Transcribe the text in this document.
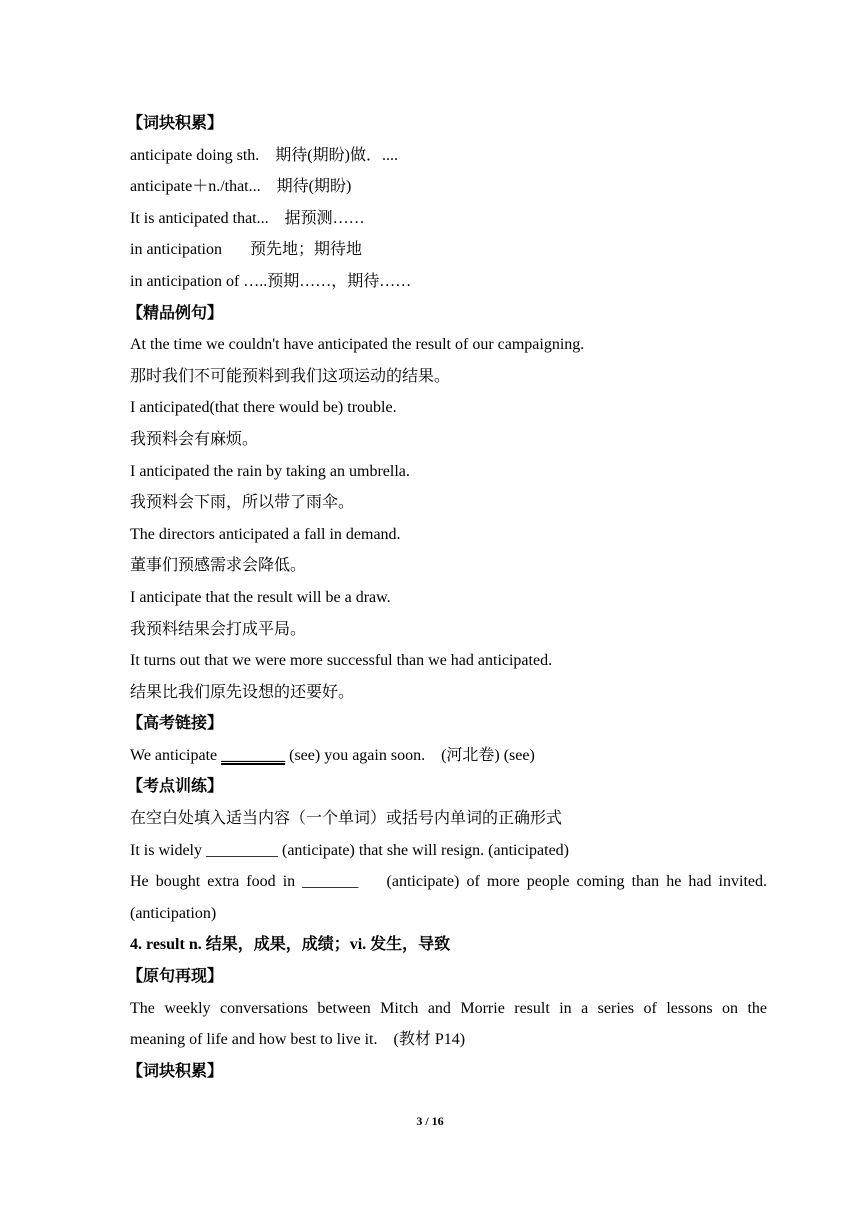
【词块积累】
anticipate doing sth.    期待(期盼)做．....
anticipate＋n./that...    期待(期盼)
It is anticipated that...    据预测……
in anticipation       预先地；期待地
in anticipation of …..预期……，期待……
【精品例句】
At the time we couldn't have anticipated the result of our campaigning.
那时我们不可能预料到我们这项运动的结果。
I anticipated(that there would be) trouble.
我预料会有麻烦。
I anticipated the rain by taking an umbrella.
我预料会下雨，所以带了雨伞。
The directors anticipated a fall in demand.
董事们预感需求会降低。
I anticipate that the result will be a draw.
我预料结果会打成平局。
It turns out that we were more successful than we had anticipated.
结果比我们原先设想的还要好。
【高考链接】
We anticipate ________ (see) you again soon.    (河北卷) (see)
【考点训练】
在空白处填入适当内容（一个单词）或括号内单词的正确形式
It is widely _________ (anticipate) that she will resign. (anticipated)
He bought extra food in _______    (anticipate) of more people coming than he had invited.
(anticipation)
4. result n. 结果，成果，成绩；vi. 发生，导致
【原句再现】
The weekly conversations between Mitch and Morrie result in a series of lessons on the
meaning of life and how best to live it.    (教材 P14)
【词块积累】
3 / 16
